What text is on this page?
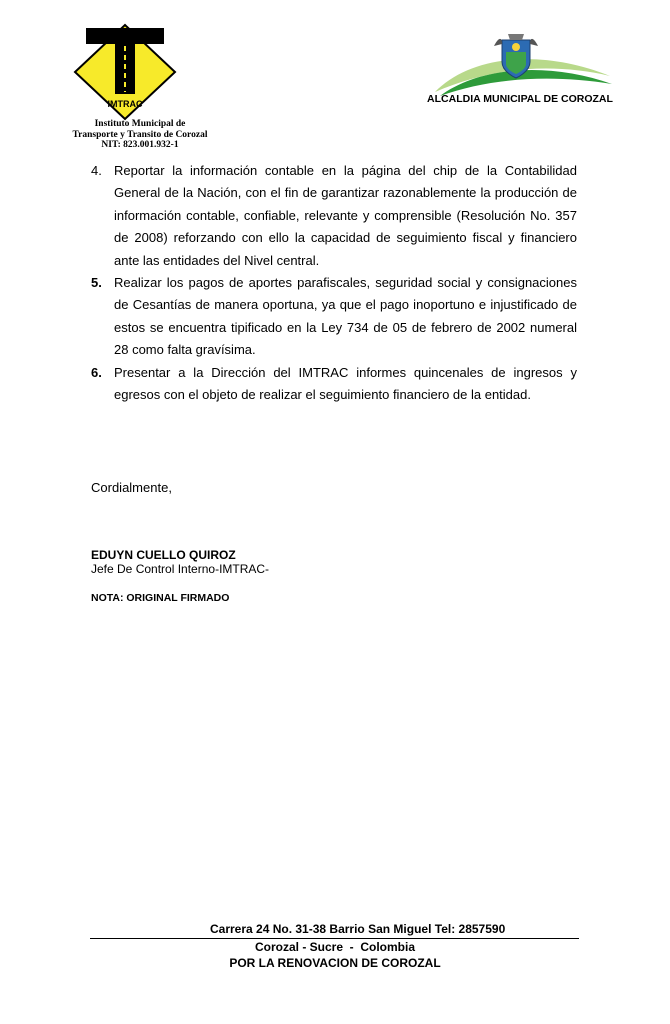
IMTRAC
Instituto Municipal de
Transporte y Transito de Corozal
NIT: 823.001.932-1
ALCALDIA MUNICIPAL DE COROZAL
4. Reportar la información contable en la página del chip de la Contabilidad General de la Nación, con el fin de garantizar razonablemente la producción de información contable, confiable, relevante y comprensible (Resolución No. 357 de 2008) reforzando con ello la capacidad de seguimiento fiscal y financiero ante las entidades del Nivel central.
5. Realizar los pagos de aportes parafiscales, seguridad social y consignaciones de Cesantías de manera oportuna, ya que el pago inoportuno e injustificado de estos se encuentra tipificado en la Ley 734 de 05 de febrero de 2002 numeral 28 como falta gravísima.
6. Presentar a la Dirección del IMTRAC informes quincenales de ingresos y egresos con el objeto de realizar el seguimiento financiero de la entidad.
Cordialmente,
EDUYN CUELLO QUIROZ
Jefe De Control Interno-IMTRAC-
NOTA: ORIGINAL FIRMADO
Carrera 24 No. 31-38 Barrio San Miguel Tel: 2857590
Corozal - Sucre  -  Colombia
POR LA RENOVACION DE COROZAL
